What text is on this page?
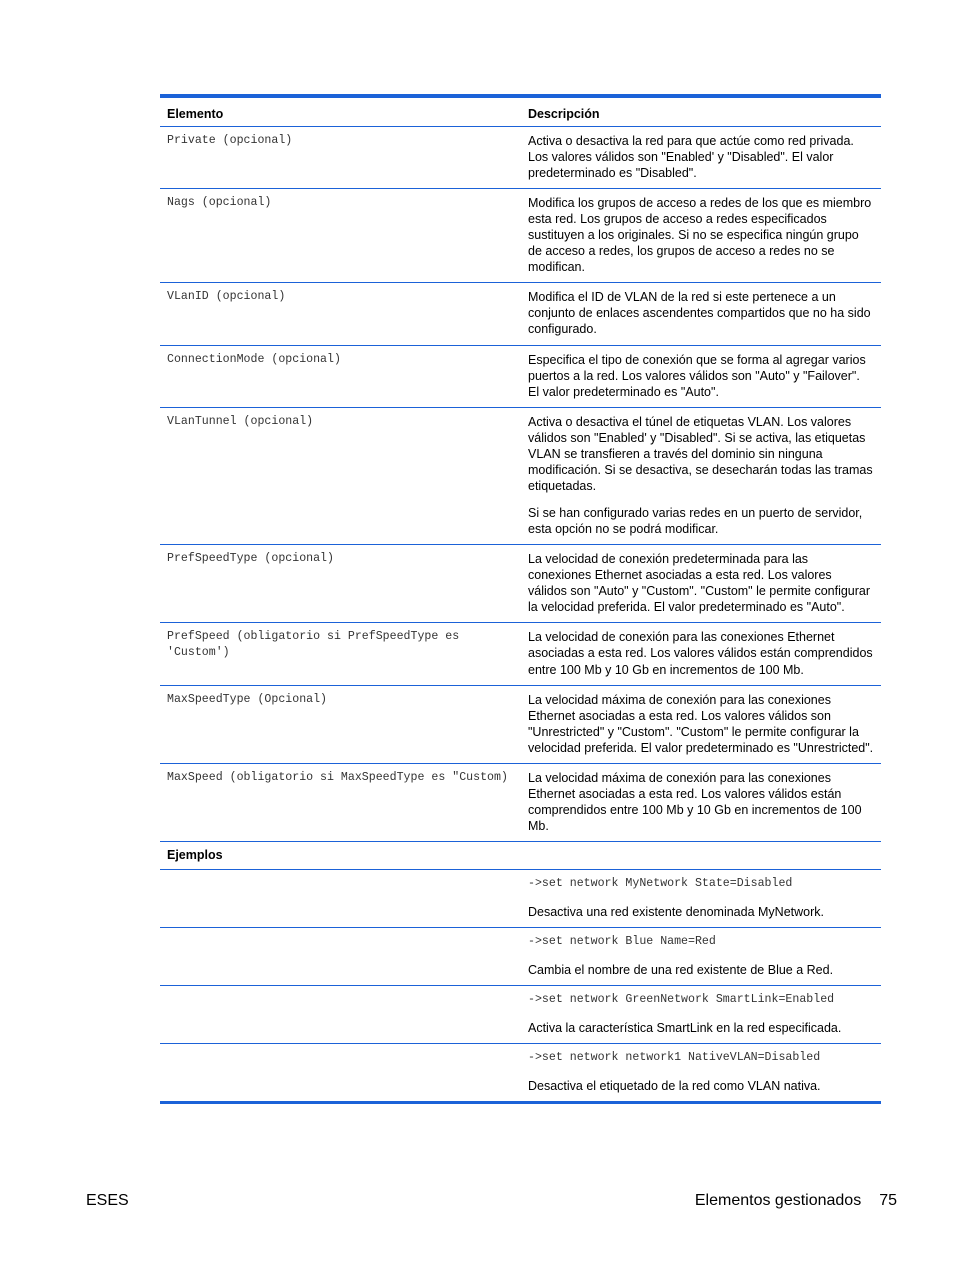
Elemento	Descripción
Private (opcional)	Activa o desactiva la red para que actúe como red privada. Los valores válidos son "Enabled' y "Disabled". El valor predeterminado es "Disabled".

Nags (opcional)	Modifica los grupos de acceso a redes de los que es miembro esta red. Los grupos de acceso a redes especificados sustituyen a los originales. Si no se especifica ningún grupo de acceso a redes, los grupos de acceso a redes no se modifican.

VLanID (opcional)	Modifica el ID de VLAN de la red si este pertenece a un conjunto de enlaces ascendentes compartidos que no ha sido configurado.

ConnectionMode (opcional)	Especifica el tipo de conexión que se forma al agregar varios puertos a la red. Los valores válidos son "Auto" y "Failover". El valor predeterminado es "Auto".

VLanTunnel (opcional)	Activa o desactiva el túnel de etiquetas VLAN. Los valores válidos son "Enabled' y "Disabled". Si se activa, las etiquetas VLAN se transfieren a través del dominio sin ninguna modificación. Si se desactiva, se desecharán todas las tramas etiquetadas.

Si se han configurado varias redes en un puerto de servidor, esta opción no se podrá modificar.

PrefSpeedType (opcional)	La velocidad de conexión predeterminada para las conexiones Ethernet asociadas a esta red. Los valores válidos son "Auto" y "Custom". "Custom" le permite configurar la velocidad preferida. El valor predeterminado es "Auto".

PrefSpeed (obligatorio si PrefSpeedType es 'Custom')	La velocidad de conexión para las conexiones Ethernet asociadas a esta red. Los valores válidos están comprendidos entre 100 Mb y 10 Gb en incrementos de 100 Mb.

MaxSpeedType (Opcional)	La velocidad máxima de conexión para las conexiones Ethernet asociadas a esta red. Los valores válidos son "Unrestricted" y "Custom". "Custom" le permite configurar la velocidad preferida. El valor predeterminado es "Unrestricted".

MaxSpeed (obligatorio si MaxSpeedType es "Custom)	La velocidad máxima de conexión para las conexiones Ethernet asociadas a esta red. Los valores válidos están comprendidos entre 100 Mb y 10 Gb en incrementos de 100 Mb.

Ejemplos	

	->set network MyNetwork State=Disabled
Desactiva una red existente denominada MyNetwork.

	->set network Blue Name=Red
Cambia el nombre de una red existente de Blue a Red.

	->set network GreenNetwork SmartLink=Enabled
Activa la característica SmartLink en la red especificada.

	->set network network1 NativeVLAN=Disabled
Desactiva el etiquetado de la red como VLAN nativa.
ESES	Elementos gestionados 75
